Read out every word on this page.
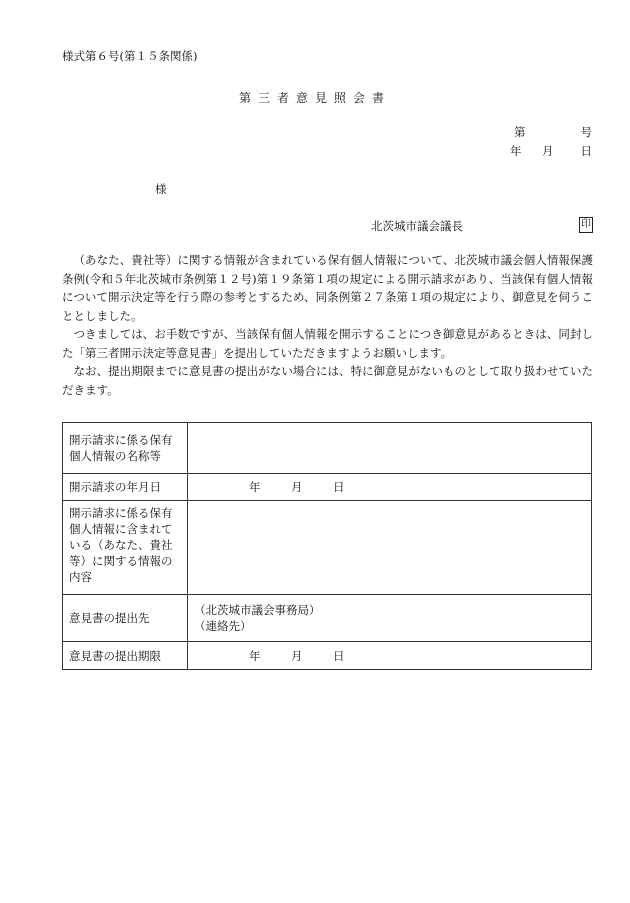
様式第６号(第１５条関係)
第三者意見照会書
第	号
年 月 日
様
北茨城市議会議長	印

（あなた、貴社等）に関する情報が含まれている保有個人情報について、北茨城市議会個人情報保護条例(令和５年北茨城市条例第１２号)第１９条第１項の規定による開示請求があり、当該保有個人情報について開示決定等を行う際の参考とするため、同条例第２７条第１項の規定により、御意見を伺うこととしました。

つきましては、お手数ですが、当該保有個人情報を開示することにつき御意見があるときは、同封した「第三者開示決定等意見書」を提出していただきますようお願いします。

なお、提出期限までに意見書の提出がない場合には、特に御意見がないものとして取り扱わせていただきます。

開示請求に係る保有個人情報の名称等	
開示請求の年月日	年 月 日
開示請求に係る保有個人情報に含まれている（あなた、貴社等）に関する情報の内容	
意見書の提出先	（北茨城市議会事務局）
（連絡先）

意見書の提出期限	年 月 日
